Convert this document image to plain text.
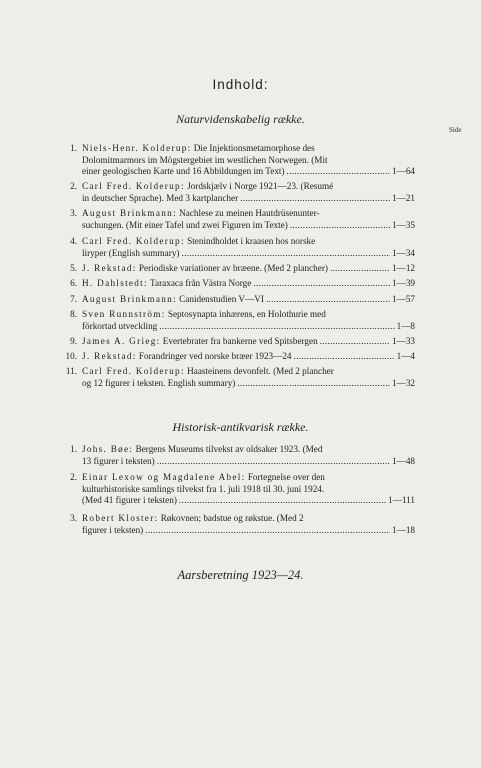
Indhold:
Naturvidenskabelig række.
Side
1. Niels-Henr. Kolderup: Die Injektionsmetamorphose des
Dolomitmarmors im Mögstergebiet im westlichen Norwegen. (Mit
einer geologischen Karte und 16 Abbildungen im Text) . . .	1—64
2. Carl Fred. Kolderup: Jordskjælv i Norge 1921—23. (Resumé
in deutscher Sprache). Med 3 kartplancher . . .	1—21
3. August Brinkmann: Nachlese zu meinen Hautdrüsenunter-
suchungen. (Mit einer Tafel und zwei Figuren im Texte) . . .	1—35
4. Carl Fred. Kolderup: Stenindholdet i kraasen hos norske
liryper (English summary) . . .	1—34
5. J. Rekstad: Periodiske variationer av bræene. (Med 2 plancher) . . .	1—12
6. H. Dahlstedt: Taraxaca från Västra Norge . . .	1—39
7. August Brinkmann: Canidenstudien V—VI . . .	1—57
8. Sven Runnström: Septosynapta inhærens, en Holothurie med
förkortad utveckling . . .	1—8
9. James A. Grieg: Evertebrater fra bankerne ved Spitsbergen . . .	1—33
10. J. Rekstad: Forandringer ved norske bræer 1923—24 . . .	1—4
11. Carl Fred. Kolderup: Haasteinens devonfelt. (Med 2 plancher
og 12 figurer i teksten. English summary) . . .	1—32
Historisk-antikvarisk række.
1. Johs. Bøe: Bergens Museums tilvekst av oldsaker 1923. (Med
13 figurer i teksten) . . .	1—48
2. Einar Lexow og Magdalene Abel: Fortegnelse over den
kulturhistoriske samlings tilvekst fra 1. juli 1918 til 30. juni 1924.
(Med 41 figurer i teksten) . . .	1—111
3. Robert Kloster: Røkovnen; badstue og røkstue. (Med 2
figurer i teksten) . . .	1—18
Aarsberetning 1923—24.
